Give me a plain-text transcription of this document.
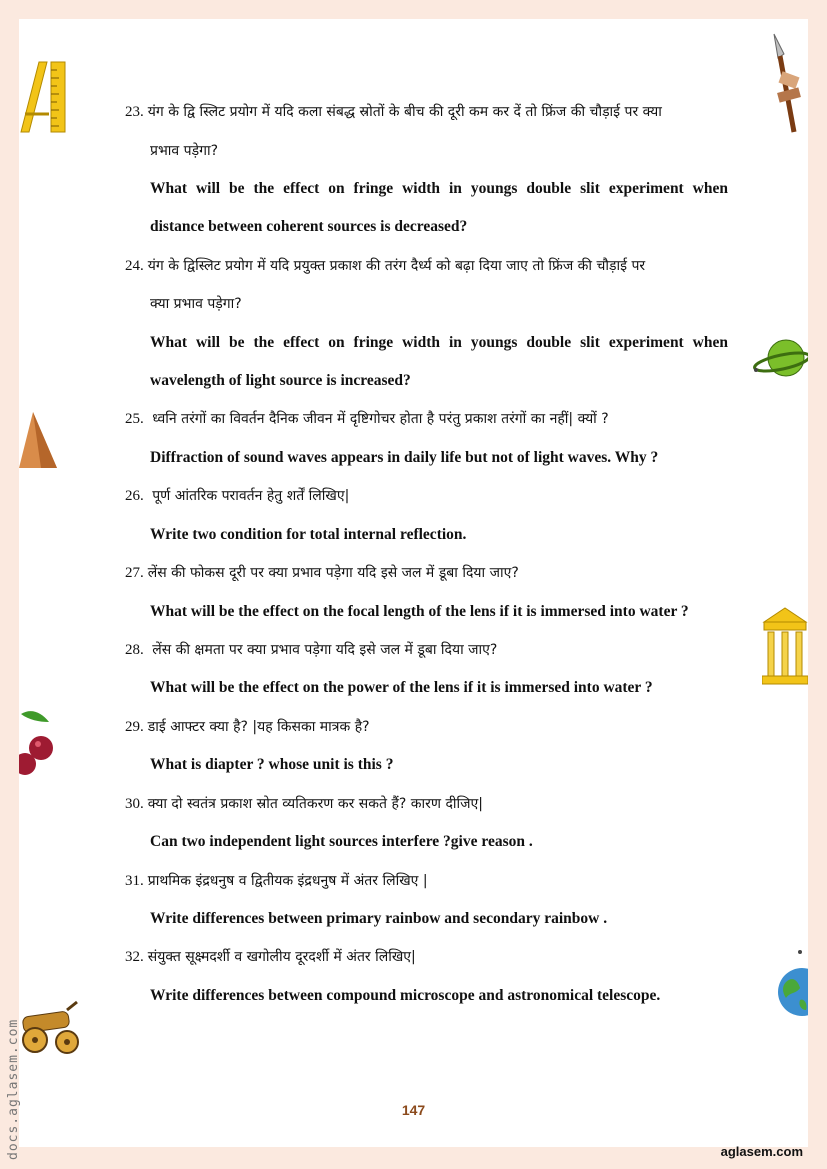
23. यंग के द्वि स्लिट प्रयोग में यदि कला संबद्ध स्रोतों के बीच की दूरी कम कर दें तो फ्रिंज की चौड़ाई पर क्या
प्रभाव पड़ेगा?
What will be the effect on fringe width in youngs double slit experiment when
distance between coherent sources is decreased?
24. यंग के द्विस्लिट प्रयोग में यदि प्रयुक्त प्रकाश की तरंग दैर्ध्य को बढ़ा दिया जाए तो फ्रिंज की चौड़ाई पर
क्या प्रभाव पड़ेगा?
What will be the effect on fringe width in youngs double slit experiment when
wavelength of light source is increased?
25. ध्वनि तरंगों का विवर्तन दैनिक जीवन में दृष्टिगोचर होता है परंतु प्रकाश तरंगों का नहीं| क्यों ?
Diffraction of sound waves appears in daily life but not of light waves. Why ?
26. पूर्ण आंतरिक परावर्तन हेतु शर्तें लिखिए|
Write two condition for total internal reflection.
27. लेंस की फोकस दूरी पर क्या प्रभाव पड़ेगा यदि इसे जल में डूबा दिया जाए?
What will be the effect on the focal length of the lens if it is immersed into water ?
28. लेंस की क्षमता पर क्या प्रभाव पड़ेगा यदि इसे जल में डूबा दिया जाए?
What will be the effect on the power of the lens if it is immersed into water ?
29. डाई आफ्टर क्या है? |यह किसका मात्रक है?
What is diapter ? whose unit is this ?
30. क्या दो स्वतंत्र प्रकाश स्रोत व्यतिकरण कर सकते हैं? कारण दीजिए|
Can two independent light sources interfere ?give reason .
31. प्राथमिक इंद्रधनुष व द्वितीयक इंद्रधनुष में अंतर लिखिए |
Write differences between primary rainbow and secondary rainbow .
32. संयुक्त सूक्ष्मदर्शी व खगोलीय दूरदर्शी में अंतर लिखिए|
Write differences between compound microscope and astronomical telescope.
147
aglasem.com
docs.aglasem.com
